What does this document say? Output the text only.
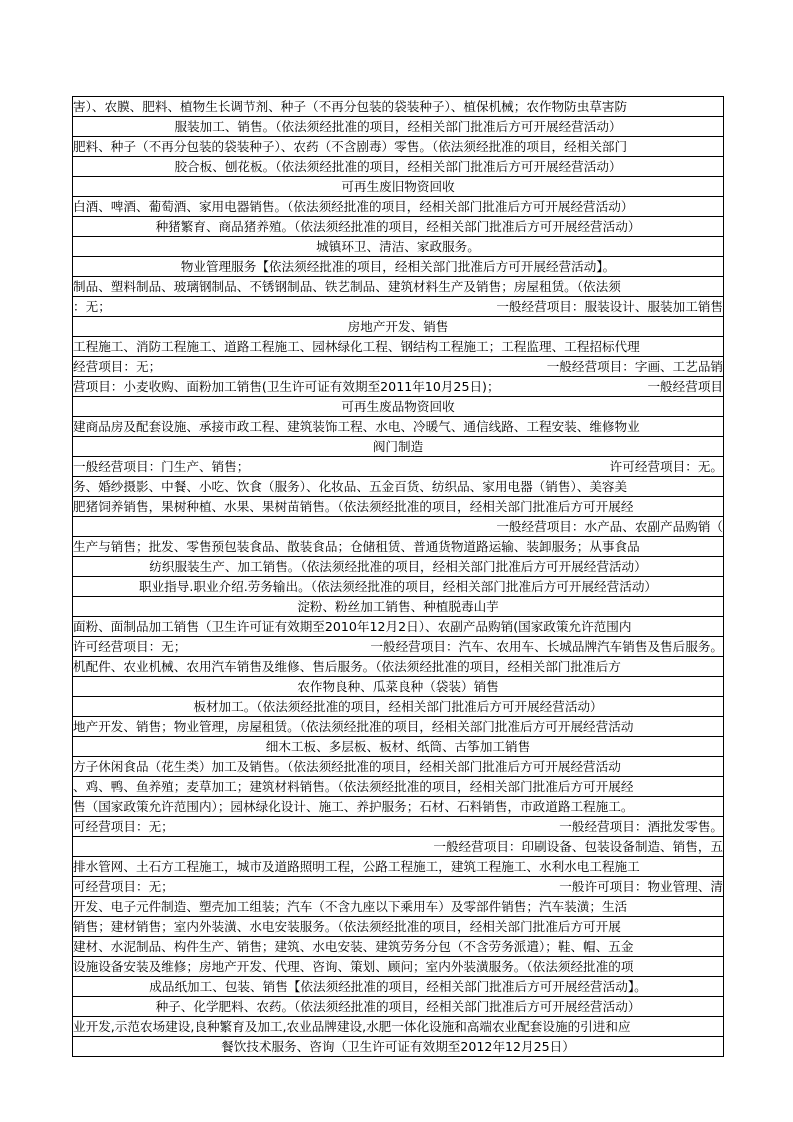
害）、农膜、肥料、植物生长调节剂、种子（不再分包装的袋装种子）、植保机械；农作物防虫草害防
服装加工、销售。（依法须经批准的项目，经相关部门批准后方可开展经营活动）
肥料、种子（不再分包装的袋装种子）、农药（不含剧毒）零售。（依法须经批准的项目，经相关部门
胶合板、刨花板。（依法须经批准的项目，经相关部门批准后方可开展经营活动）
可再生废旧物资回收
白酒、啤酒、葡萄酒、家用电器销售。（依法须经批准的项目，经相关部门批准后方可开展经营活动）
种猪繁育、商品猪养殖。（依法须经批准的项目，经相关部门批准后方可开展经营活动）
城镇环卫、清洁、家政服务。
物业管理服务【依法须经批准的项目，经相关部门批准后方可开展经营活动】。
制品、塑料制品、玻璃钢制品、不锈钢制品、铁艺制品、建筑材料生产及销售；房屋租赁。（依法须
：无；	一般经营项目：服装设计、服装加工销售
房地产开发、销售
工程施工、消防工程施工、道路工程施工、园林绿化工程、钢结构工程施工；工程监理、工程招标代理
经营项目：无；	一般经营项目：字画、工艺品销
营项目：小麦收购、面粉加工销售(卫生许可证有效期至2011年10月25日)；	一般经营项目
可再生废品物资回收
建商品房及配套设施、承接市政工程、建筑装饰工程、水电、冷暖气、通信线路、工程安装、维修物业
阀门制造
一般经营项目：门生产、销售；	许可经营项目：无。
务、婚纱摄影、中餐、小吃、饮食（服务）、化妆品、五金百货、纺织品、家用电器（销售）、美容美
肥猪饲养销售，果树种植、水果、果树苗销售。（依法须经批准的项目，经相关部门批准后方可开展经
一般经营项目：水产品、农副产品购销（
生产与销售；批发、零售预包装食品、散装食品；仓储租赁、普通货物道路运输、装卸服务；从事食品
纺织服装生产、加工销售。（依法须经批准的项目，经相关部门批准后方可开展经营活动）
职业指导.职业介绍.劳务输出。（依法须经批准的项目，经相关部门批准后方可开展经营活动）
淀粉、粉丝加工销售、种植脱毒山芋
面粉、面制品加工销售（卫生许可证有效期至2010年12月2日）、农副产品购销(国家政策允许范围内
许可经营项目：无；	一般经营项目：汽车、农用车、长城品牌汽车销售及售后服务。
机配件、农业机械、农用汽车销售及维修、售后服务。（依法须经批准的项目，经相关部门批准后方
农作物良种、瓜菜良种（袋装）销售
板材加工。（依法须经批准的项目，经相关部门批准后方可开展经营活动）
地产开发、销售；物业管理，房屋租赁。（依法须经批准的项目，经相关部门批准后方可开展经营活动
细木工板、多层板、板材、纸筒、古筝加工销售
方子休闲食品（花生类）加工及销售。（依法须经批准的项目，经相关部门批准后方可开展经营活动
、鸡、鸭、鱼养殖；麦草加工；建筑材料销售。（依法须经批准的项目，经相关部门批准后方可开展经
售（国家政策允许范围内）；园林绿化设计、施工、养护服务；石材、石料销售，市政道路工程施工。
可经营项目：无；	一般经营项目：酒批发零售。
一般经营项目：印刷设备、包装设备制造、销售，五
排水管网、土石方工程施工，城市及道路照明工程，公路工程施工，建筑工程施工、水利水电工程施工
可经营项目：无；	一般许可项目：物业管理、清
开发、电子元件制造、塑壳加工组装；汽车（不含九座以下乘用车）及零部件销售；汽车装潢；生活
销售；建材销售；室内外装潢、水电安装服务。（依法须经批准的项目，经相关部门批准后方可开展
建材、水泥制品、构件生产、销售；建筑、水电安装、建筑劳务分包（不含劳务派遣）；鞋、帽、五金
设施设备安装及维修；房地产开发、代理、咨询、策划、顾问；室内外装潢服务。（依法须经批准的项
成品纸加工、包装、销售【依法须经批准的项目，经相关部门批准后方可开展经营活动】。
种子、化学肥料、农药。（依法须经批准的项目，经相关部门批准后方可开展经营活动）
业开发,示范农场建设,良种繁育及加工,农业品牌建设,水肥一体化设施和高端农业配套设施的引进和应
餐饮技术服务、咨询（卫生许可证有效期至2012年12月25日）
